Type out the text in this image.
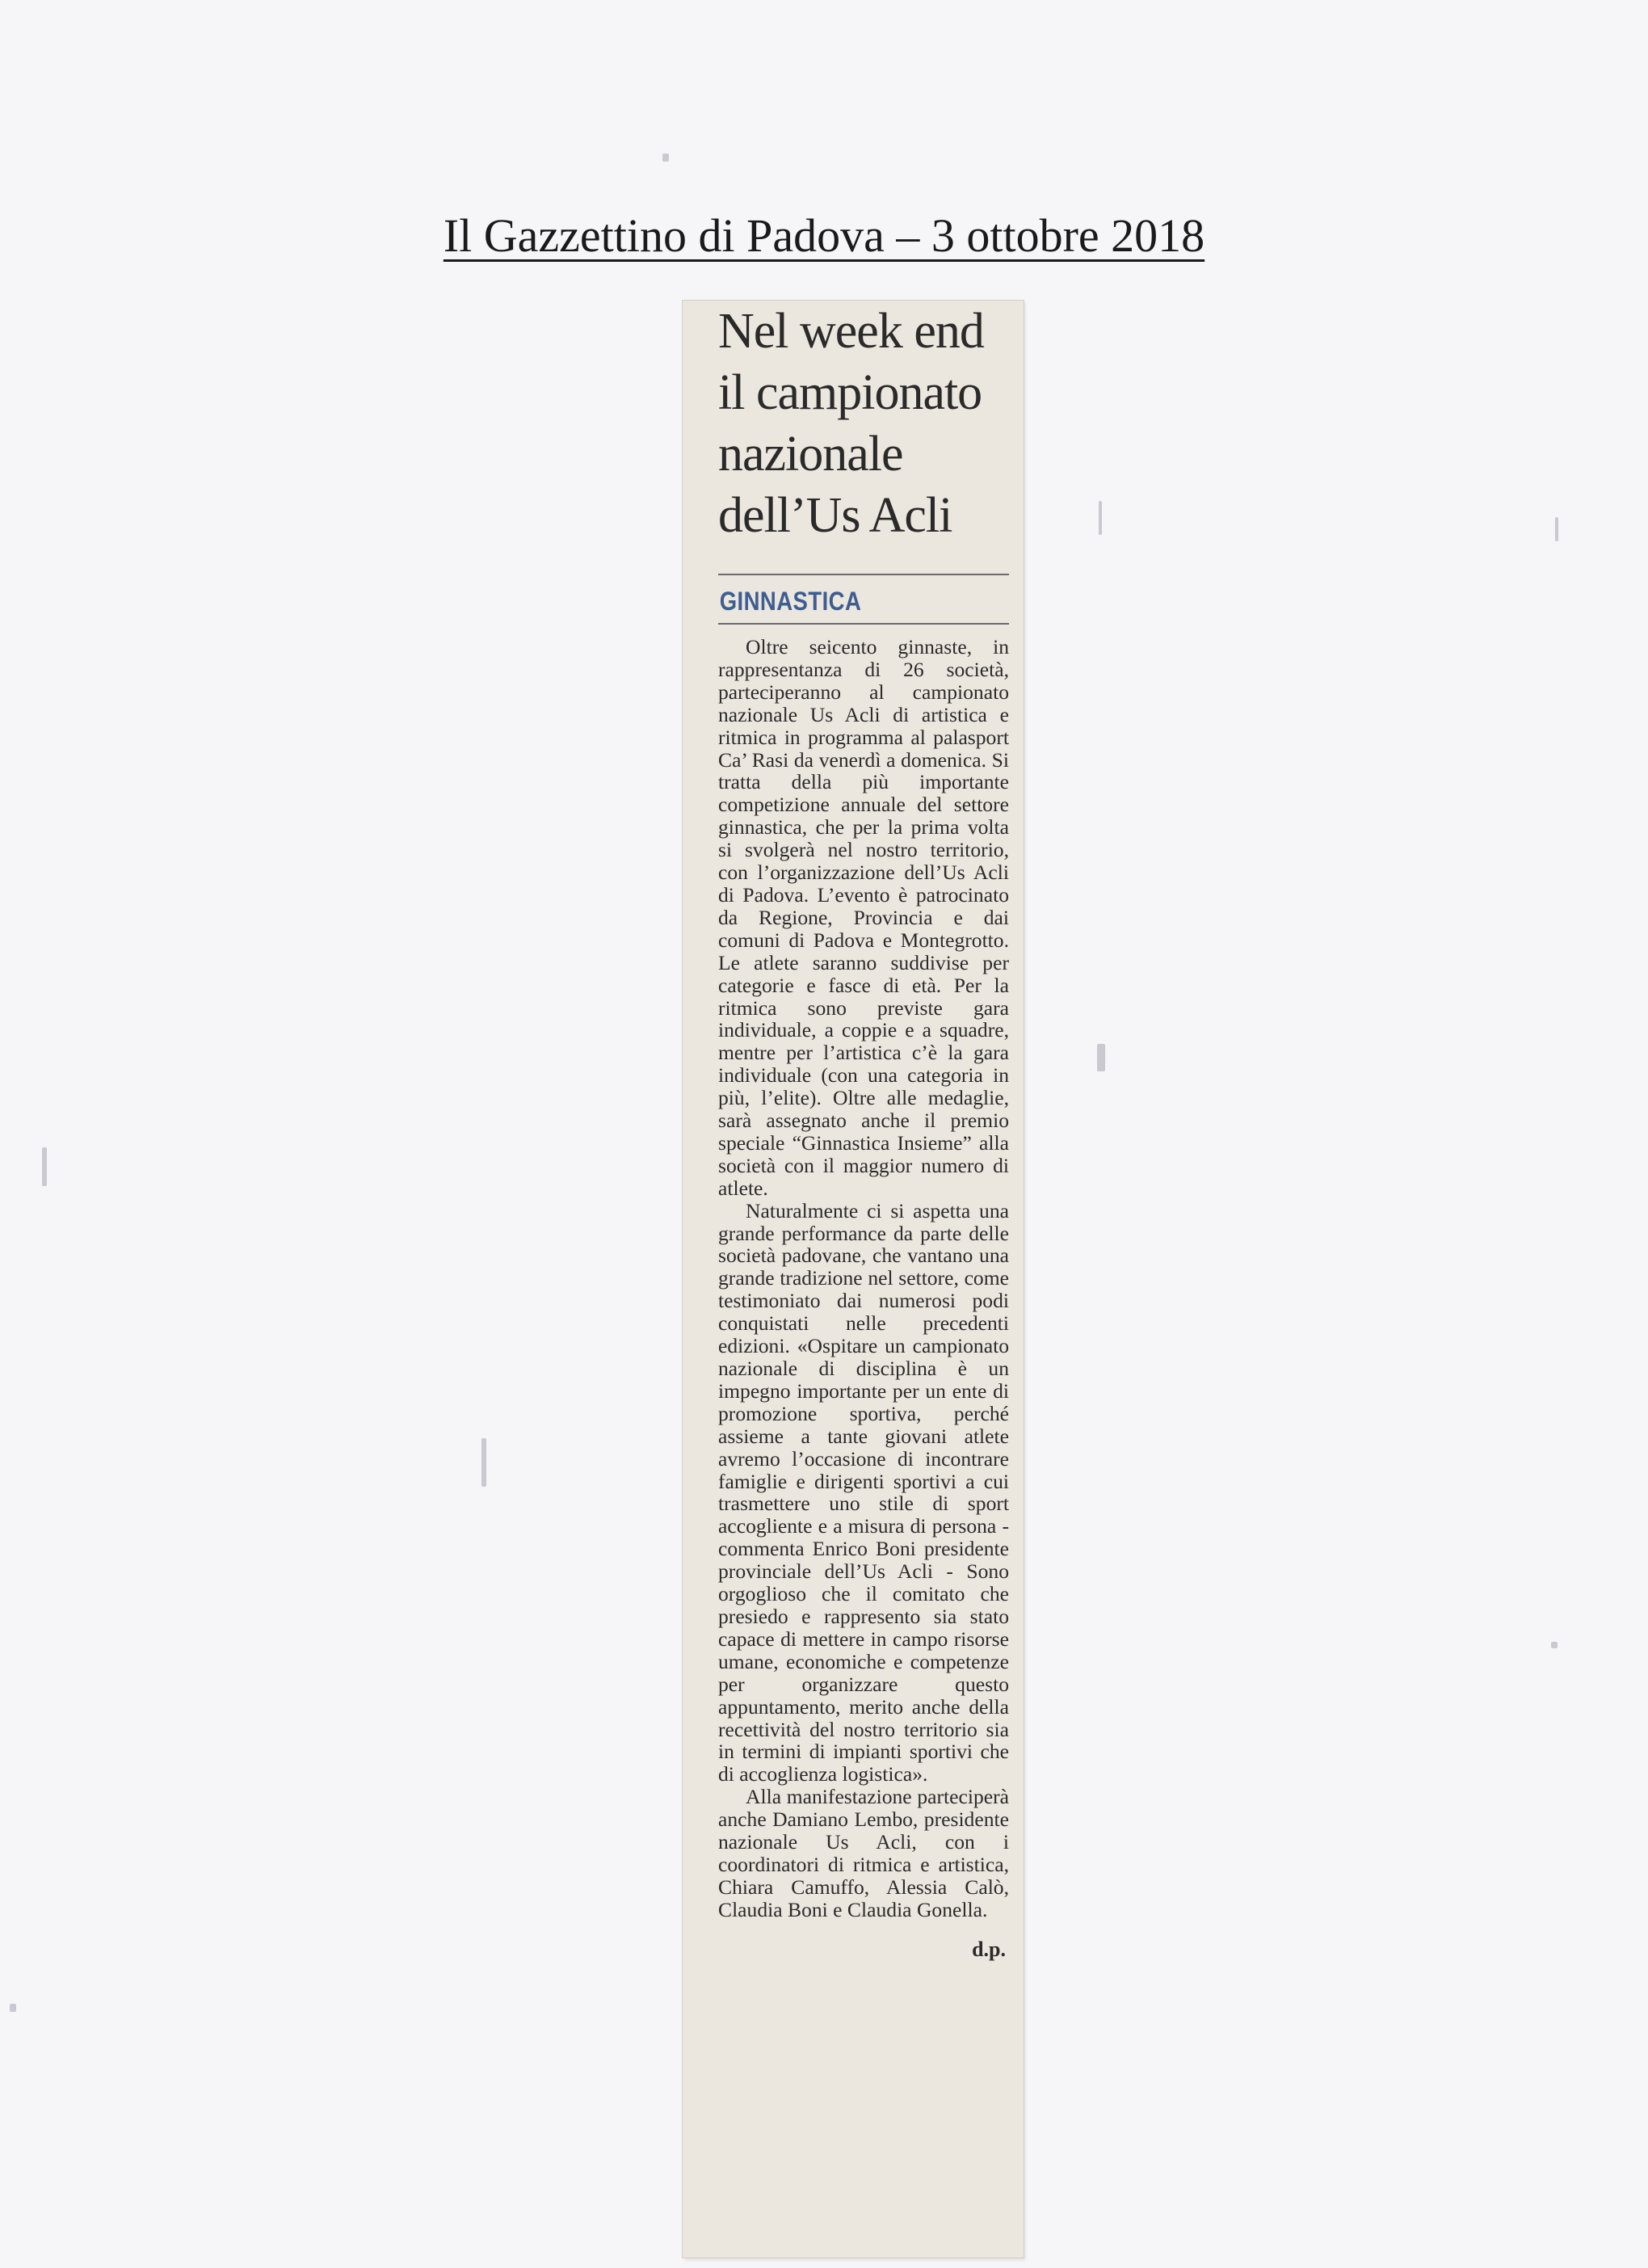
Il Gazzettino di Padova – 3 ottobre 2018
Nel week end il campionato nazionale dell’Us Acli
GINNASTICA

Oltre seicento ginnaste, in rappresentanza di 26 società, parteciperanno al campionato nazionale Us Acli di artistica e ritmica in programma al palasport Ca’ Rasi da venerdì a domenica. Si tratta della più importante competizione annuale del settore ginnastica, che per la prima volta si svolgerà nel nostro territorio, con l’organizzazione dell’Us Acli di Padova. L’evento è patrocinato da Regione, Provincia e dai comuni di Padova e Montegrotto. Le atlete saranno suddivise per categorie e fasce di età. Per la ritmica sono previste gara individuale, a coppie e a squadre, mentre per l’artistica c’è la gara individuale (con una categoria in più, l’elite). Oltre alle medaglie, sarà assegnato anche il premio speciale “Ginnastica Insieme” alla società con il maggior numero di atlete.

Naturalmente ci si aspetta una grande performance da parte delle società padovane, che vantano una grande tradizione nel settore, come testimoniato dai numerosi podi conquistati nelle precedenti edizioni. «Ospitare un campionato nazionale di disciplina è un impegno importante per un ente di promozione sportiva, perché assieme a tante giovani atlete avremo l’occasione di incontrare famiglie e dirigenti sportivi a cui trasmettere uno stile di sport accogliente e a misura di persona - commenta Enrico Boni presidente provinciale dell’Us Acli - Sono orgoglioso che il comitato che presiedo e rappresento sia stato capace di mettere in campo risorse umane, economiche e competenze per organizzare questo appuntamento, merito anche della recettività del nostro territorio sia in termini di impianti sportivi che di accoglienza logistica».

Alla manifestazione parteciperà anche Damiano Lembo, presidente nazionale Us Acli, con i coordinatori di ritmica e artistica, Chiara Camuffo, Alessia Calò, Claudia Boni e Claudia Gonella.

d.p.
